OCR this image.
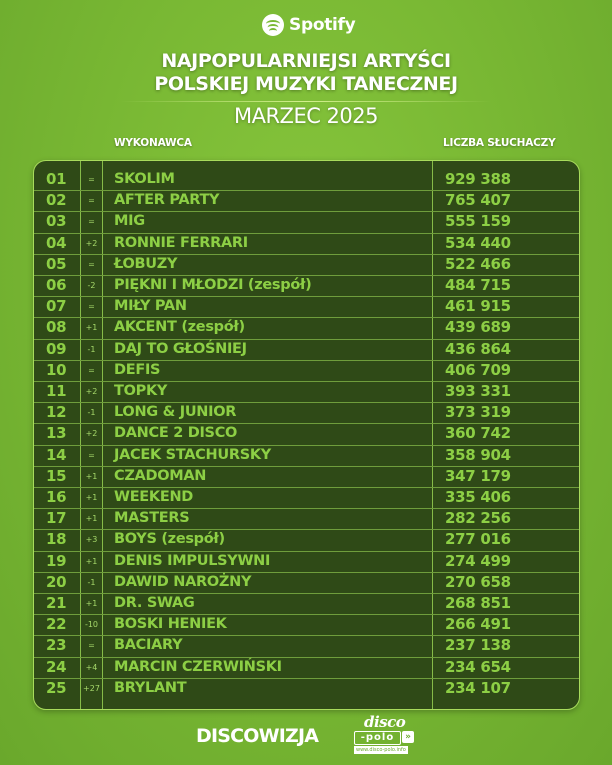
Spotify
NAJPOPULARNIEJSI ARTYŚCI
POLSKIEJ MUZYKI TANECZNEJ
MARZEC 2025
WYKONAWCA	LICZBA SŁUCHACZY
01	=	SKOLIM	929 388
02	=	AFTER PARTY	765 407
03	=	MIG	555 159
04	+2	RONNIE FERRARI	534 440
05	=	ŁOBUZY	522 466
06	-2	PIĘKNI I MŁODZI (zespół)	484 715
07	=	MIŁY PAN	461 915
08	+1	AKCENT (zespół)	439 689
09	-1	DAJ TO GŁOŚNIEJ	436 864
10	=	DEFIS	406 709
11	+2	TOPKY	393 331
12	-1	LONG & JUNIOR	373 319
13	+2	DANCE 2 DISCO	360 742
14	=	JACEK STACHURSKY	358 904
15	+1	CZADOMAN	347 179
16	+1	WEEKEND	335 406
17	+1	MASTERS	282 256
18	+3	BOYS (zespół)	277 016
19	+1	DENIS IMPULSYWNI	274 499
20	-1	DAWID NAROŻNY	270 658
21	+1	DR. SWAG	268 851
22	-10 BOSKI HENIEK	266 491
23	=	BACIARY	237 138
24	+4	MARCIN CZERWIŃSKI	234 654
25 +27 BRYLANT	234 107
DISCOWIZJA
disco
-polo	»
www.disco-polo.info
